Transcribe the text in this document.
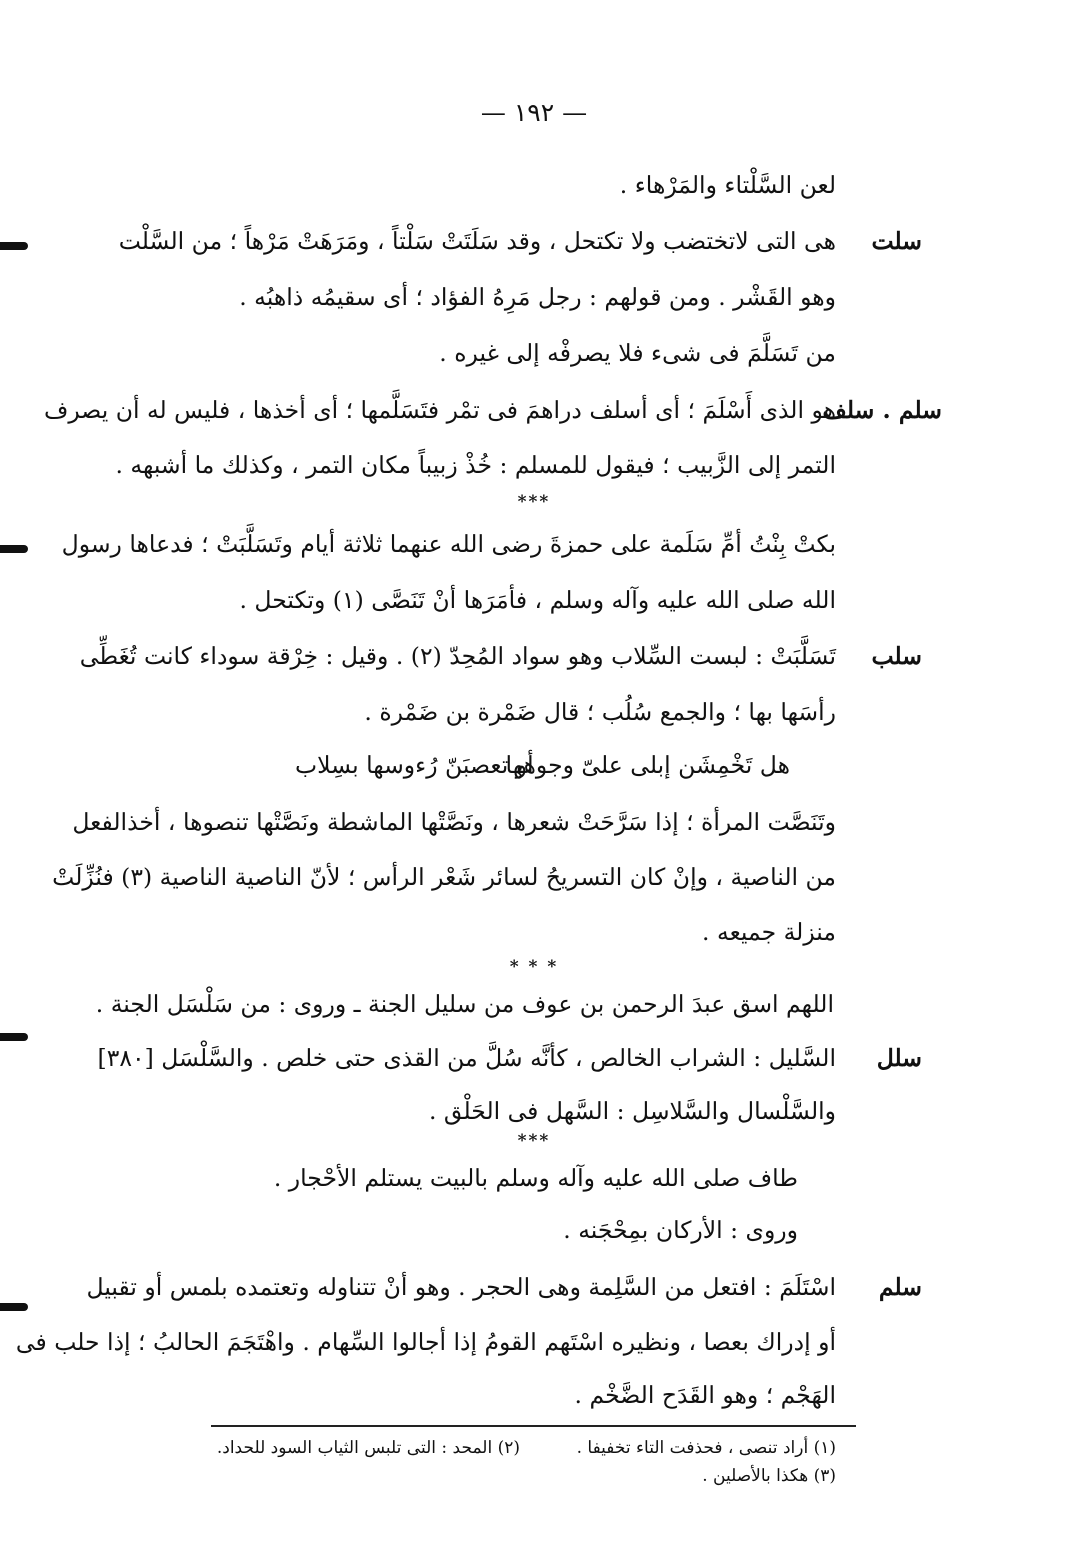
— ١٩٢ —
لعن السَّلْتاء والمَرْهاء .
سلت
هى التى لاتختضب ولا تكتحل ، وقد سَلَتَتْ سَلْتاً ، ومَرَهَتْ مَرْهاً ؛ من السَّلْت
وهو القَشْر . ومن قولهم : رجل مَرِهُ الفؤاد ؛ أى سقيمُه ذاهبُه .
من تَسَلَّمَ فى شىء فلا يصرفْه إلى غيره .
سلم . سلف
هو الذى أَسْلَمَ ؛ أى أسلف دراهمَ فى تمْر فتَسَلَّمها ؛ أى أخذها ، فليس له أن يصرف
التمر إلى الزَّبيب ؛ فيقول للمسلم : خُذْ زبيباً مكان التمر ، وكذلك ما أشبهه .
***
بكتْ بِنْتُ أمِّ سَلَمة على حمزةَ رضى الله عنهما ثلاثة أيام وتَسَلَّبَتْ ؛ فدعاها رسول
الله صلى الله عليه وآله وسلم ، فأمَرَها أنْ تَنَصَّى (١) وتكتحل .
سلب
تَسَلَّبَتْ : لبست السِّلاب وهو سواد المُحِدّ (٢) . وقيل : خِرْقة سوداء كانت تُغَطِّى
رأسَها بها ؛ والجمع سُلُب ؛ قال ضَمْرة بن ضَمْرة .
هل تَخْمِشَن إبلى علىّ وجوهها
أو تعصبَنّ رُءوسها بسِلاب
وتَنَصَّت المرأة ؛ إذا سَرَّحَتْ شعرها ، ونَصَّتْها الماشطة ونَصَّتْها تنصوها ، أخذالفعل
من الناصية ، وإنْ كان التسريحُ لسائر شَعْر الرأس ؛ لأنّ الناصية الناصية (٣) فنُزِّلَتْ
منزلة جميعه .
* * *
اللهم اسق عبدَ الرحمن بن عوف من سليل الجنة ـ وروى : من سَلْسَل الجنة .
سلل
السَّليل : الشراب الخالص ، كأنَّه سُلَّ من القذى حتى خلص . والسَّلْسَل [٣٨٠]
والسَّلْسال والسَّلاسِل : السَّهل فى الحَلْق .
***
طاف صلى الله عليه وآله وسلم بالبيت يستلم الأحْجار .
وروى : الأركان بمِحْجَنه .
سلم
اسْتَلَمَ : افتعل من السَّلِمة وهى الحجر . وهو أنْ تتناوله وتعتمده بلمس أو تقبيل
أو إدراك بعصا ، ونظيره اسْتَهم القومُ إذا أجالوا السِّهام . واهْتَجَمَ الحالبُ ؛ إذا حلب فى
الهَجْم ؛ وهو القَدَح الضَّخْم .
(١) أراد تنصى ، فحذفت التاء تخفيفا .
(٢) المحد : التى تلبس الثياب السود للحداد.
(٣) هكذا بالأصلين .
